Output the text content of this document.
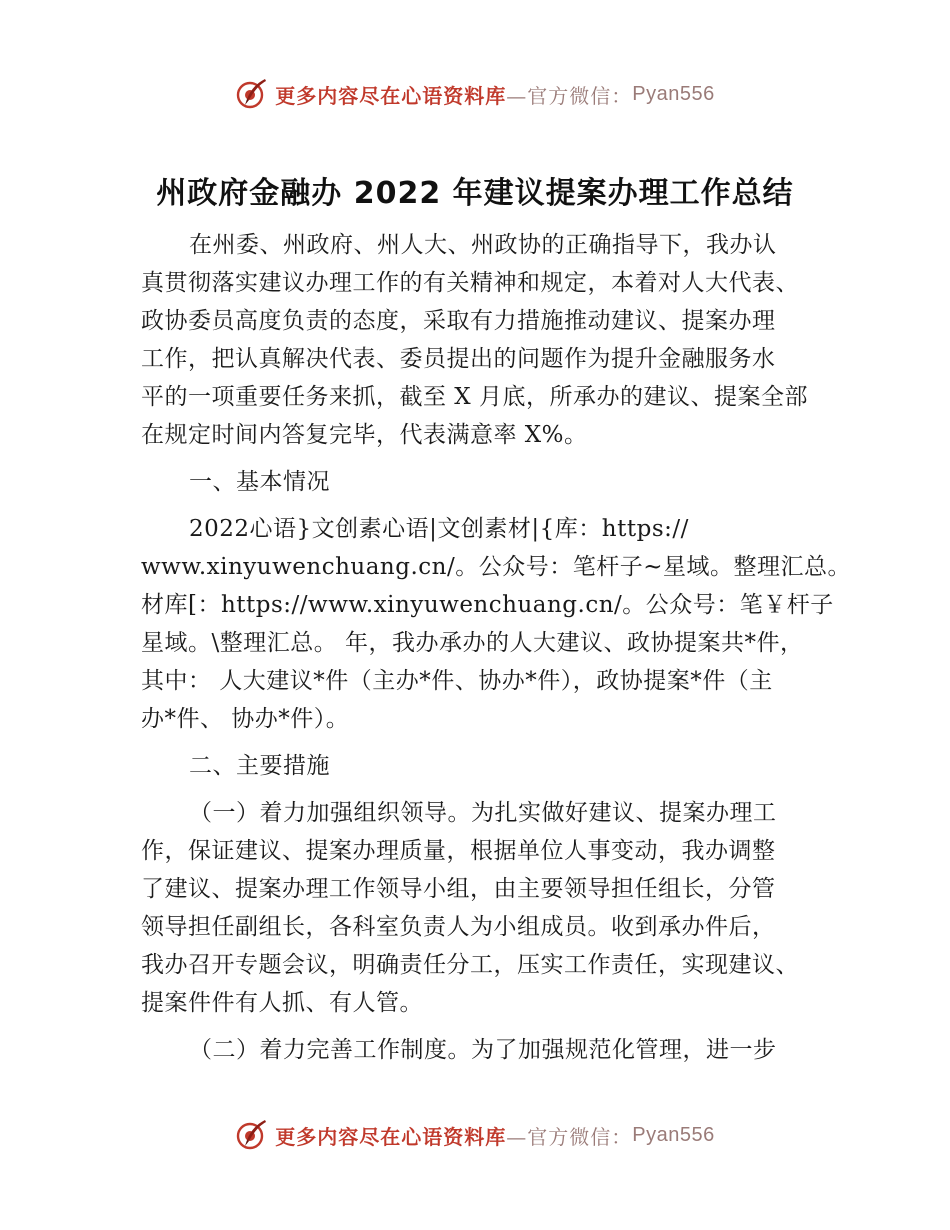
更多内容尽在心语资料库 —官方微信： Pyan556
州政府金融办 2022 年建议提案办理工作总结

在州委、州政府、州人大、州政协的正确指导下，我办认
真贯彻落实建议办理工作的有关精神和规定，本着对人大代表、
政协委员高度负责的态度，采取有力措施推动建议、提案办理
工作，把认真解决代表、委员提出的问题作为提升金融服务水
平的一项重要任务来抓，截至 X 月底，所承办的建议、提案全部
在规定时间内答复完毕，代表满意率 X%。

一、基本情况

2022心语}文创素心语|文创素材|{库：https://
www.xinyuwenchuang.cn/。公众号：笔杆子~星域。整理汇总。
材库[：https://www.xinyuwenchuang.cn/。公众号：笔￥杆子
星域。\整理汇总。 年，我办承办的人大建议、政协提案共*件，
其中： 人大建议*件（主办*件、协办*件），政协提案*件（主
办*件、 协办*件）。

二、主要措施

（一）着力加强组织领导。为扎实做好建议、提案办理工
作，保证建议、提案办理质量，根据单位人事变动，我办调整
了建议、提案办理工作领导小组，由主要领导担任组长，分管
领导担任副组长，各科室负责人为小组成员。收到承办件后，
我办召开专题会议，明确责任分工，压实工作责任，实现建议、
提案件件有人抓、有人管。

（二）着力完善工作制度。为了加强规范化管理，进一步

更多内容尽在心语资料库 —官方微信： Pyan556
